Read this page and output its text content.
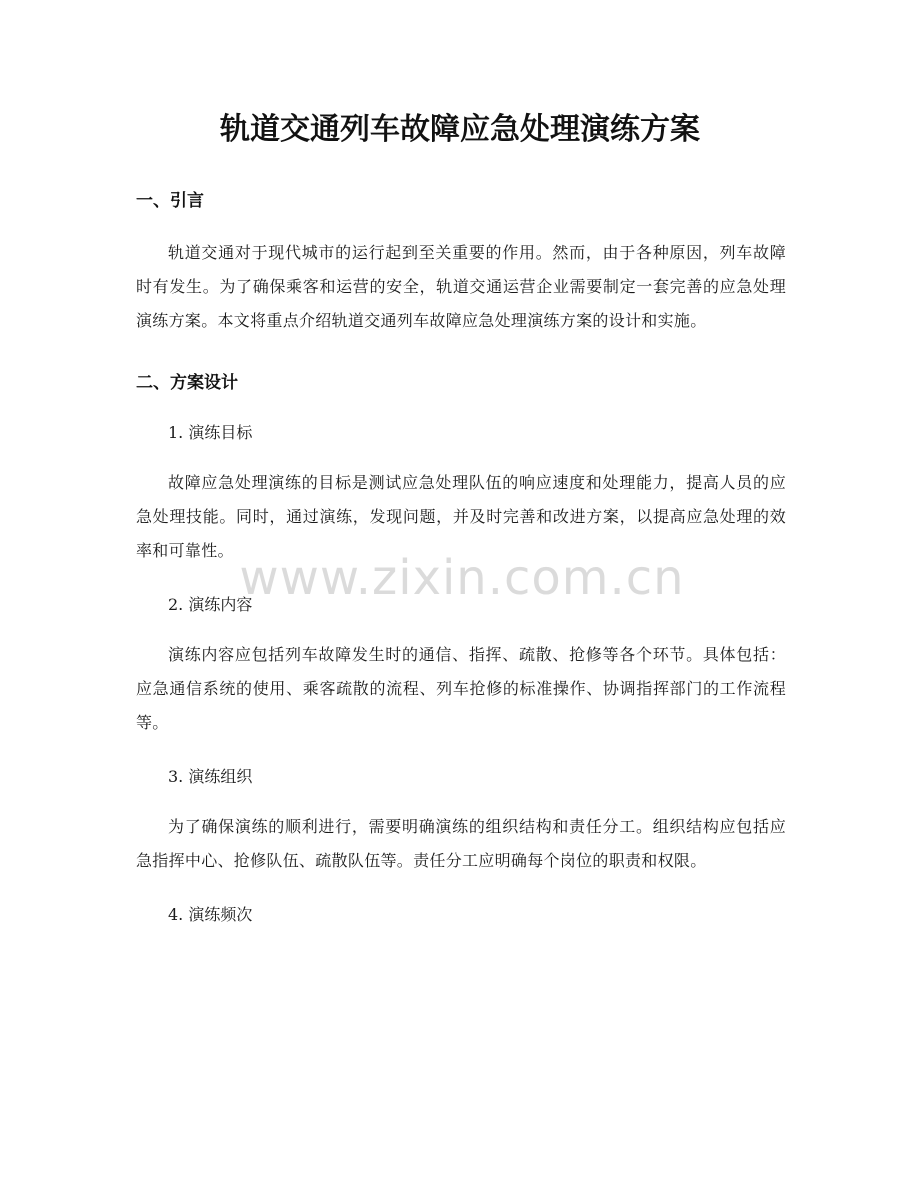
轨道交通列车故障应急处理演练方案
一、引言

轨道交通对于现代城市的运行起到至关重要的作用。然而，由于各种原因，列车故障时有发生。为了确保乘客和运营的安全，轨道交通运营企业需要制定一套完善的应急处理演练方案。本文将重点介绍轨道交通列车故障应急处理演练方案的设计和实施。

二、方案设计
1. 演练目标

故障应急处理演练的目标是测试应急处理队伍的响应速度和处理能力，提高人员的应急处理技能。同时，通过演练，发现问题，并及时完善和改进方案，以提高应急处理的效率和可靠性。

2. 演练内容

演练内容应包括列车故障发生时的通信、指挥、疏散、抢修等各个环节。具体包括：应急通信系统的使用、乘客疏散的流程、列车抢修的标准操作、协调指挥部门的工作流程等。

3. 演练组织

为了确保演练的顺利进行，需要明确演练的组织结构和责任分工。组织结构应包括应急指挥中心、抢修队伍、疏散队伍等。责任分工应明确每个岗位的职责和权限。

4. 演练频次
www.zixin.com.cn
